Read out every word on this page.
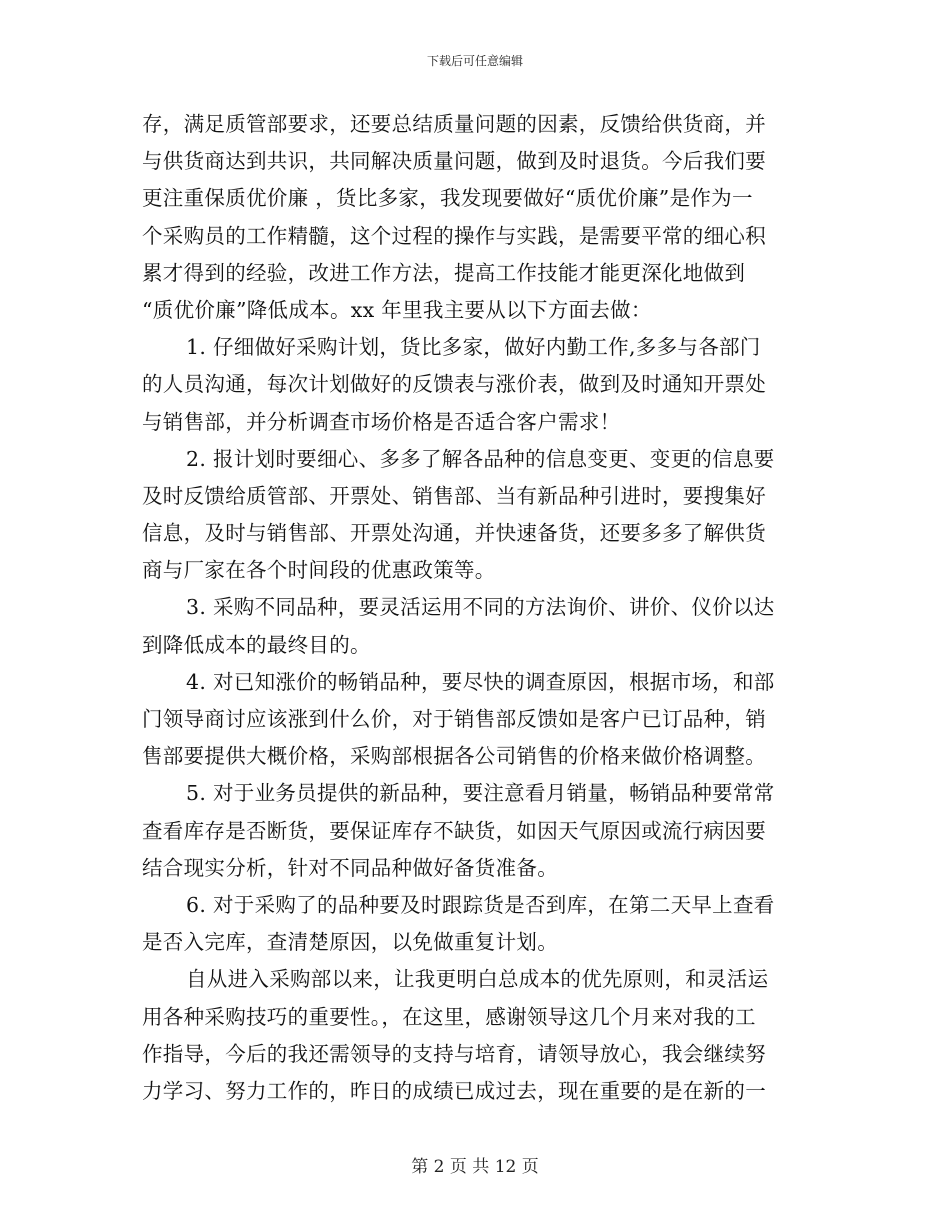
下载后可任意编辑
存，满足质管部要求，还要总结质量问题的因素，反馈给供货商，并
与供货商达到共识，共同解决质量问题，做到及时退货。今后我们要
更注重保质优价廉 ，货比多家，我发现要做好“质优价廉”是作为一
个采购员的工作精髓，这个过程的操作与实践，是需要平常的细心积
累才得到的经验，改进工作方法，提高工作技能才能更深化地做到
“质优价廉”降低成本。xx 年里我主要从以下方面去做：
1. 仔细做好采购计划，货比多家，做好内勤工作,多多与各部门
的人员沟通，每次计划做好的反馈表与涨价表，做到及时通知开票处
与销售部，并分析调查市场价格是否适合客户需求！
2. 报计划时要细心、多多了解各品种的信息变更、变更的信息要
及时反馈给质管部、开票处、销售部、当有新品种引进时，要搜集好
信息，及时与销售部、开票处沟通，并快速备货，还要多多了解供货
商与厂家在各个时间段的优惠政策等。
3. 采购不同品种，要灵活运用不同的方法询价、讲价、仪价以达
到降低成本的最终目的。
4. 对已知涨价的畅销品种，要尽快的调查原因，根据市场，和部
门领导商讨应该涨到什么价，对于销售部反馈如是客户已订品种，销
售部要提供大概价格，采购部根据各公司销售的价格来做价格调整。
5. 对于业务员提供的新品种，要注意看月销量，畅销品种要常常
查看库存是否断货，要保证库存不缺货，如因天气原因或流行病因要
结合现实分析，针对不同品种做好备货准备。
6. 对于采购了的品种要及时跟踪货是否到库，在第二天早上查看
是否入完库，查清楚原因，以免做重复计划。
自从进入采购部以来，让我更明白总成本的优先原则，和灵活运
用各种采购技巧的重要性。，在这里，感谢领导这几个月来对我的工
作指导，今后的我还需领导的支持与培育，请领导放心，我会继续努
力学习、努力工作的，昨日的成绩已成过去，现在重要的是在新的一
第 2 页 共 12 页
